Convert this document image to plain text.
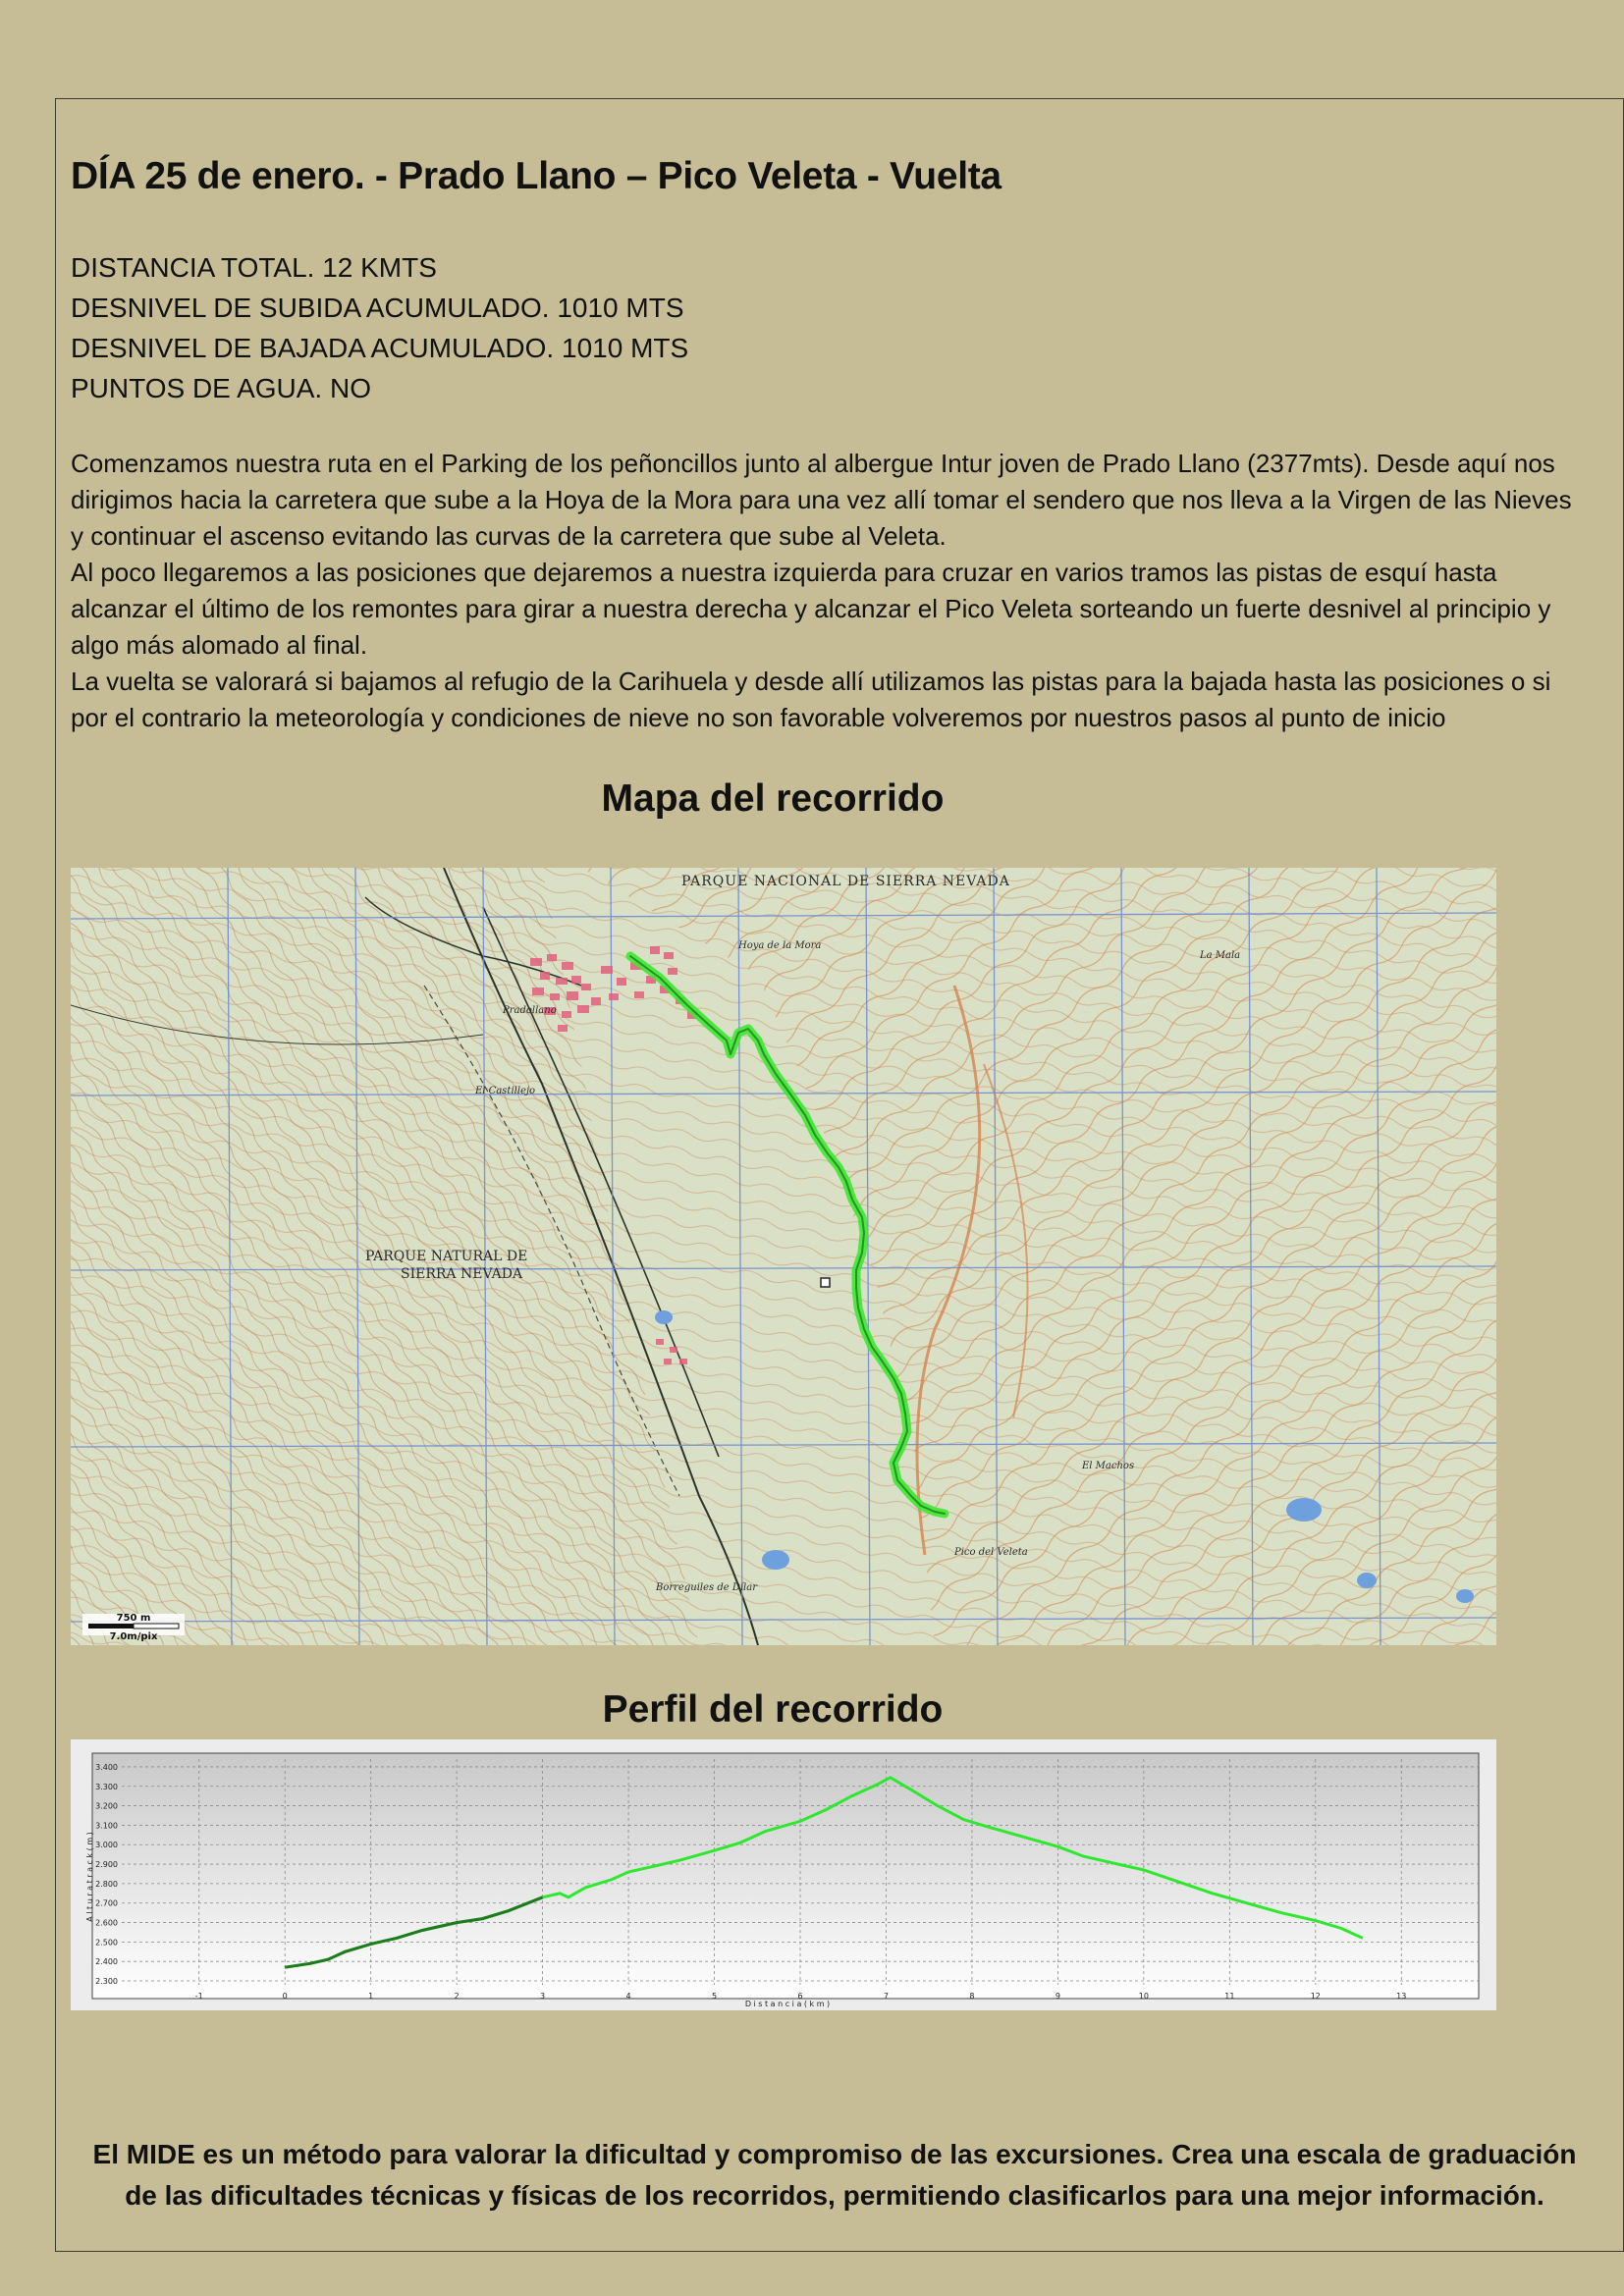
DÍA 25 de enero. - Prado Llano – Pico Veleta - Vuelta
DISTANCIA TOTAL. 12 KMTS
DESNIVEL DE SUBIDA ACUMULADO. 1010 MTS
DESNIVEL DE BAJADA ACUMULADO. 1010 MTS
PUNTOS DE AGUA. NO

Comenzamos nuestra ruta en el Parking de los peñoncillos junto al albergue Intur joven de Prado Llano (2377mts). Desde aquí nos dirigimos hacia la carretera que sube a la Hoya de la Mora para una vez allí tomar el sendero que nos lleva a la Virgen de las Nieves y continuar el ascenso evitando las curvas de la carretera que sube al Veleta.

Al poco llegaremos a las posiciones que dejaremos a nuestra izquierda para cruzar en varios tramos las pistas de esquí hasta alcanzar el último de los remontes para girar a nuestra derecha y alcanzar el Pico Veleta sorteando un fuerte desnivel al principio y algo más alomado al final.

La vuelta se valorará si bajamos al refugio de la Carihuela y desde allí utilizamos las pistas para la bajada hasta las posiciones o si por el contrario la meteorología y condiciones de nieve no son favorable volveremos por nuestros pasos al punto de inicio

Mapa del recorrido
PARQUE NACIONAL DE SIERRA NEVADA
PARQUE NATURAL DE
SIERRA NEVADA
Hoya de la Mora
Pico del Veleta
La Mala
El Machos
Pradollano
Borreguiles de Dílar
El Castillejo
750 m
7.0m/pix
Perfil del recorrido
2.300
2.400
2.500
2.600
2.700
2.800
2.900
3.000
3.100
3.200
3.300
3.400
-1	0	1	2	3	4	5	6	7	8	9	10	11	12	13
D i s t a n c i a ( k m )
A l t u r a t r a c k ( m )

El MIDE es un método para valorar la dificultad y compromiso de las excursiones. Crea una escala de graduación

de las dificultades técnicas y físicas de los recorridos, permitiendo clasificarlos para una mejor información.
